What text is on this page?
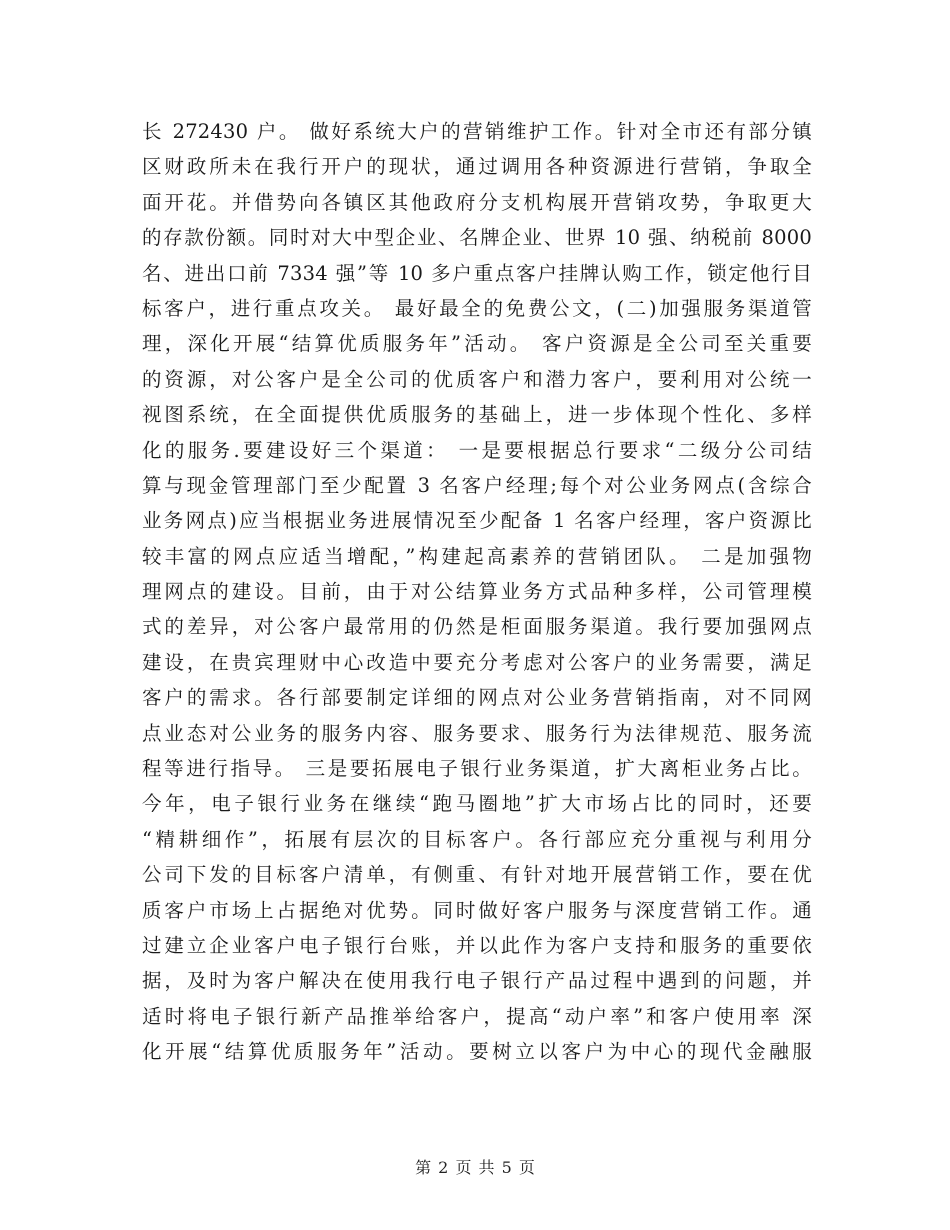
长 272430 户。 做好系统大户的营销维护工作。针对全市还有部分镇
区财政所未在我行开户的现状，通过调用各种资源进行营销，争取全
面开花。并借势向各镇区其他政府分支机构展开营销攻势，争取更大
的存款份额。同时对大中型企业、名牌企业、世界 10 强、纳税前 8000
名、进出口前 7334 强”等 10 多户重点客户挂牌认购工作，锁定他行目
标客户，进行重点攻关。 最好最全的免费公文，(二)加强服务渠道管
理，深化开展“结算优质服务年”活动。 客户资源是全公司至关重要
的资源，对公客户是全公司的优质客户和潜力客户，要利用对公统一
视图系统，在全面提供优质服务的基础上，进一步体现个性化、多样
化的服务.要建设好三个渠道： 一是要根据总行要求“二级分公司结
算与现金管理部门至少配置 3 名客户经理;每个对公业务网点(含综合
业务网点)应当根据业务进展情况至少配备 1 名客户经理，客户资源比
较丰富的网点应适当增配，”构建起高素养的营销团队。 二是加强物
理网点的建设。目前，由于对公结算业务方式品种多样，公司管理模
式的差异，对公客户最常用的仍然是柜面服务渠道。我行要加强网点
建设，在贵宾理财中心改造中要充分考虑对公客户的业务需要，满足
客户的需求。各行部要制定详细的网点对公业务营销指南，对不同网
点业态对公业务的服务内容、服务要求、服务行为法律规范、服务流
程等进行指导。 三是要拓展电子银行业务渠道，扩大离柜业务占比。
今年，电子银行业务在继续“跑马圈地”扩大市场占比的同时，还要
“精耕细作”，拓展有层次的目标客户。各行部应充分重视与利用分
公司下发的目标客户清单，有侧重、有针对地开展营销工作，要在优
质客户市场上占据绝对优势。同时做好客户服务与深度营销工作。通
过建立企业客户电子银行台账，并以此作为客户支持和服务的重要依
据，及时为客户解决在使用我行电子银行产品过程中遇到的问题，并
适时将电子银行新产品推举给客户，提高“动户率”和客户使用率 深
化开展“结算优质服务年”活动。要树立以客户为中心的现代金融服
第 2 页 共 5 页
